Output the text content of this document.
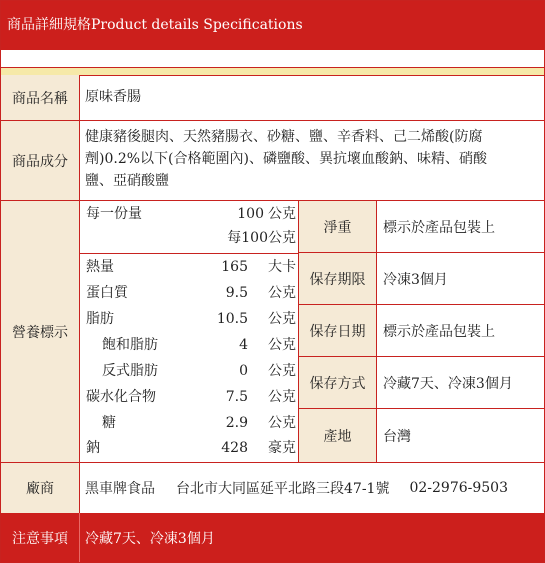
商品詳細規格Product details Specifications
商品名稱	原味香腸
商品成分
健康豬後腿肉、天然豬腸衣、砂糖、鹽、辛香料、己二烯酸(防腐
劑)0.2%以下(合格範圍內)、磷鹽酸、異抗壞血酸鈉、味精、硝酸
鹽、亞硝酸鹽
營養標示
每一份量	100 公克
每100公克
熱量	165 大卡
蛋白質	9.5 公克
脂肪	10.5 公克
飽和脂肪	4 公克
反式脂肪	0 公克
碳水化合物	7.5 公克
糖	2.9 公克
鈉	428 豪克
淨重	標示於產品包裝上
保存期限	冷凍3個月
保存日期	標示於產品包裝上
保存方式	冷藏7天、冷凍3個月
產地	台灣
廠商	黑車牌食品 台北市大同區延平北路三段47-1號 02-2976-9503
注意事項	冷藏7天、冷凍3個月
